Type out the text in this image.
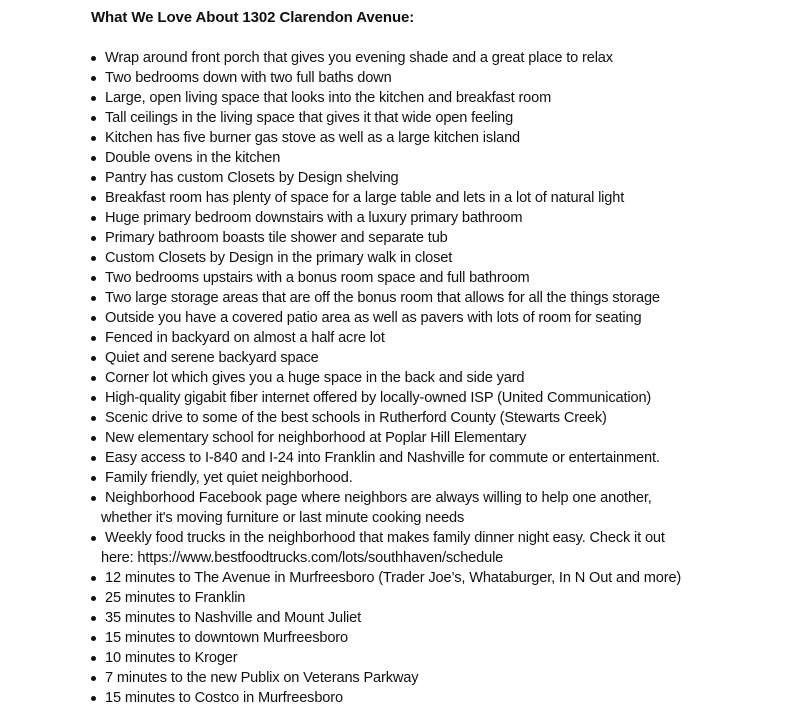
What We Love About 1302 Clarendon Avenue:
Wrap around front porch that gives you evening shade and a great place to relax
Two bedrooms down with two full baths down
Large, open living space that looks into the kitchen and breakfast room
Tall ceilings in the living space that gives it that wide open feeling
Kitchen has five burner gas stove as well as a large kitchen island
Double ovens in the kitchen
Pantry has custom Closets by Design shelving
Breakfast room has plenty of space for a large table and lets in a lot of natural light
Huge primary bedroom downstairs with a luxury primary bathroom
Primary bathroom boasts tile shower and separate tub
Custom Closets by Design in the primary walk in closet
Two bedrooms upstairs with a bonus room space and full bathroom
Two large storage areas that are off the bonus room that allows for all the things storage
Outside you have a covered patio area as well as pavers with lots of room for seating
Fenced in backyard on almost a half acre lot
Quiet and serene backyard space
Corner lot which gives you a huge space in the back and side yard
High-quality gigabit fiber internet offered by locally-owned ISP (United Communication)
Scenic drive to some of the best schools in Rutherford County (Stewarts Creek)
New elementary school for neighborhood at Poplar Hill Elementary
Easy access to I-840 and I-24 into Franklin and Nashville for commute or entertainment.
Family friendly, yet quiet neighborhood.
Neighborhood Facebook page where neighbors are always willing to help one another,
whether it's moving furniture or last minute cooking needs
Weekly food trucks in the neighborhood that makes family dinner night easy. Check it out
here: https://www.bestfoodtrucks.com/lots/southhaven/schedule
12 minutes to The Avenue in Murfreesboro (Trader Joe’s, Whataburger, In N Out and more)
25 minutes to Franklin
35 minutes to Nashville and Mount Juliet
15 minutes to downtown Murfreesboro
10 minutes to Kroger
7 minutes to the new Publix on Veterans Parkway
15 minutes to Costco in Murfreesboro
